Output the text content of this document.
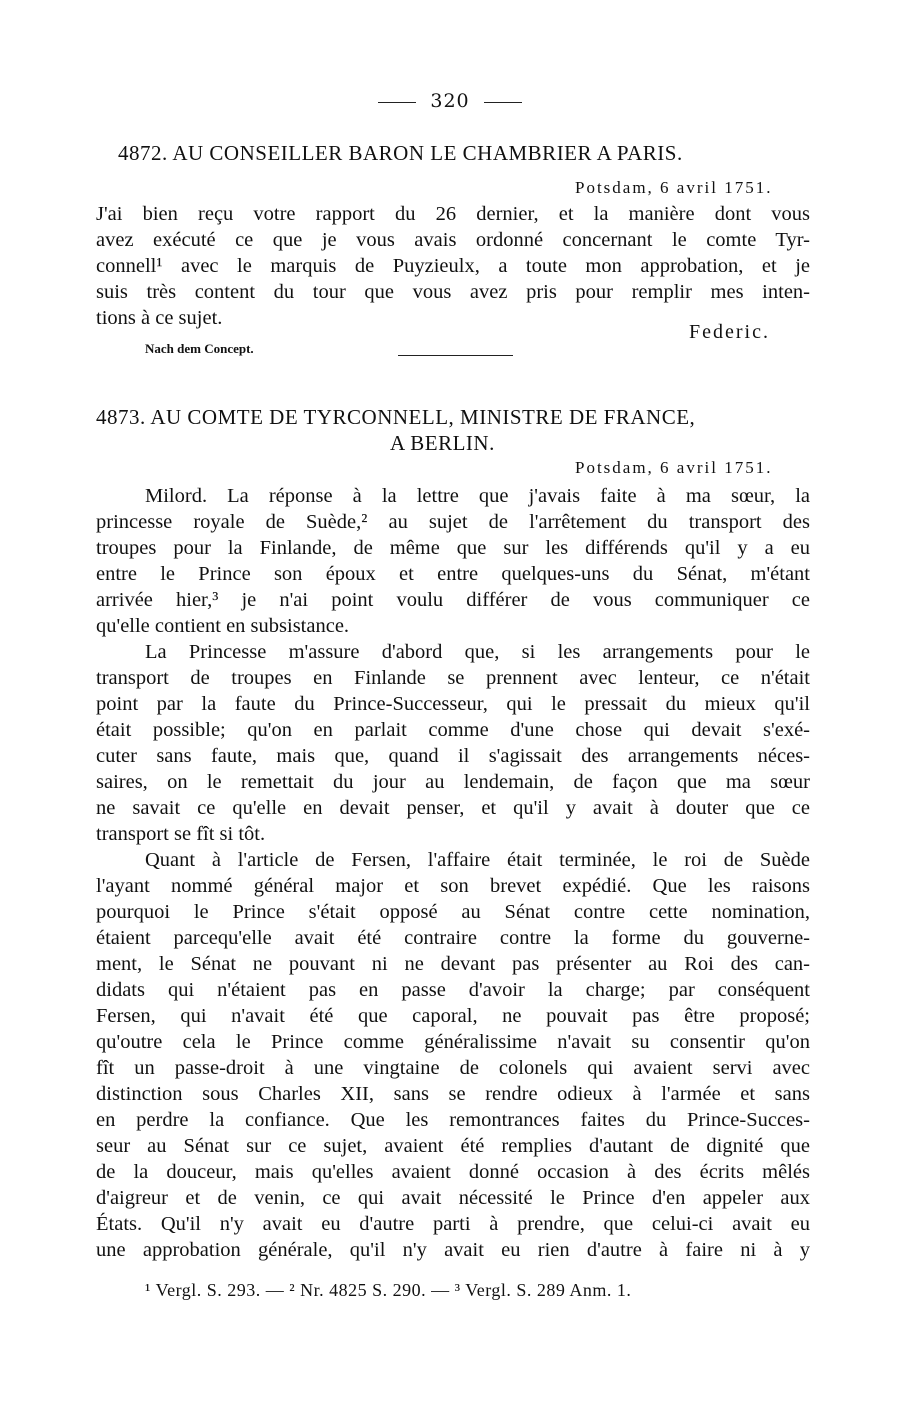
320
4872. AU CONSEILLER BARON LE CHAMBRIER A PARIS.
Potsdam, 6 avril 1751.
J'ai bien reçu votre rapport du 26 dernier, et la manière dont vous
avez exécuté ce que je vous avais ordonné concernant le comte Tyr-
connell¹ avec le marquis de Puyzieulx, a toute mon approbation, et je
suis très content du tour que vous avez pris pour remplir mes inten-
tions à ce sujet.
Federic.
Nach dem Concept.
4873. AU COMTE DE TYRCONNELL, MINISTRE DE FRANCE,
A BERLIN.
Potsdam, 6 avril 1751.
Milord. La réponse à la lettre que j'avais faite à ma sœur, la
princesse royale de Suède,² au sujet de l'arrêtement du transport des
troupes pour la Finlande, de même que sur les différends qu'il y a eu
entre le Prince son époux et entre quelques-uns du Sénat, m'étant
arrivée hier,³ je n'ai point voulu différer de vous communiquer ce
qu'elle contient en subsistance.
La Princesse m'assure d'abord que, si les arrangements pour le
transport de troupes en Finlande se prennent avec lenteur, ce n'était
point par la faute du Prince-Successeur, qui le pressait du mieux qu'il
était possible; qu'on en parlait comme d'une chose qui devait s'exé-
cuter sans faute, mais que, quand il s'agissait des arrangements néces-
saires, on le remettait du jour au lendemain, de façon que ma sœur
ne savait ce qu'elle en devait penser, et qu'il y avait à douter que ce
transport se fît si tôt.
Quant à l'article de Fersen, l'affaire était terminée, le roi de Suède
l'ayant nommé général major et son brevet expédié. Que les raisons
pourquoi le Prince s'était opposé au Sénat contre cette nomination,
étaient parcequ'elle avait été contraire contre la forme du gouverne-
ment, le Sénat ne pouvant ni ne devant pas présenter au Roi des can-
didats qui n'étaient pas en passe d'avoir la charge; par conséquent
Fersen, qui n'avait été que caporal, ne pouvait pas être proposé;
qu'outre cela le Prince comme généralissime n'avait su consentir qu'on
fît un passe-droit à une vingtaine de colonels qui avaient servi avec
distinction sous Charles XII, sans se rendre odieux à l'armée et sans
en perdre la confiance. Que les remontrances faites du Prince-Succes-
seur au Sénat sur ce sujet, avaient été remplies d'autant de dignité que
de la douceur, mais qu'elles avaient donné occasion à des écrits mêlés
d'aigreur et de venin, ce qui avait nécessité le Prince d'en appeler aux
États. Qu'il n'y avait eu d'autre parti à prendre, que celui-ci avait eu
une approbation générale, qu'il n'y avait eu rien d'autre à faire ni à y
¹ Vergl. S. 293. — ² Nr. 4825 S. 290. — ³ Vergl. S. 289 Anm. 1.
